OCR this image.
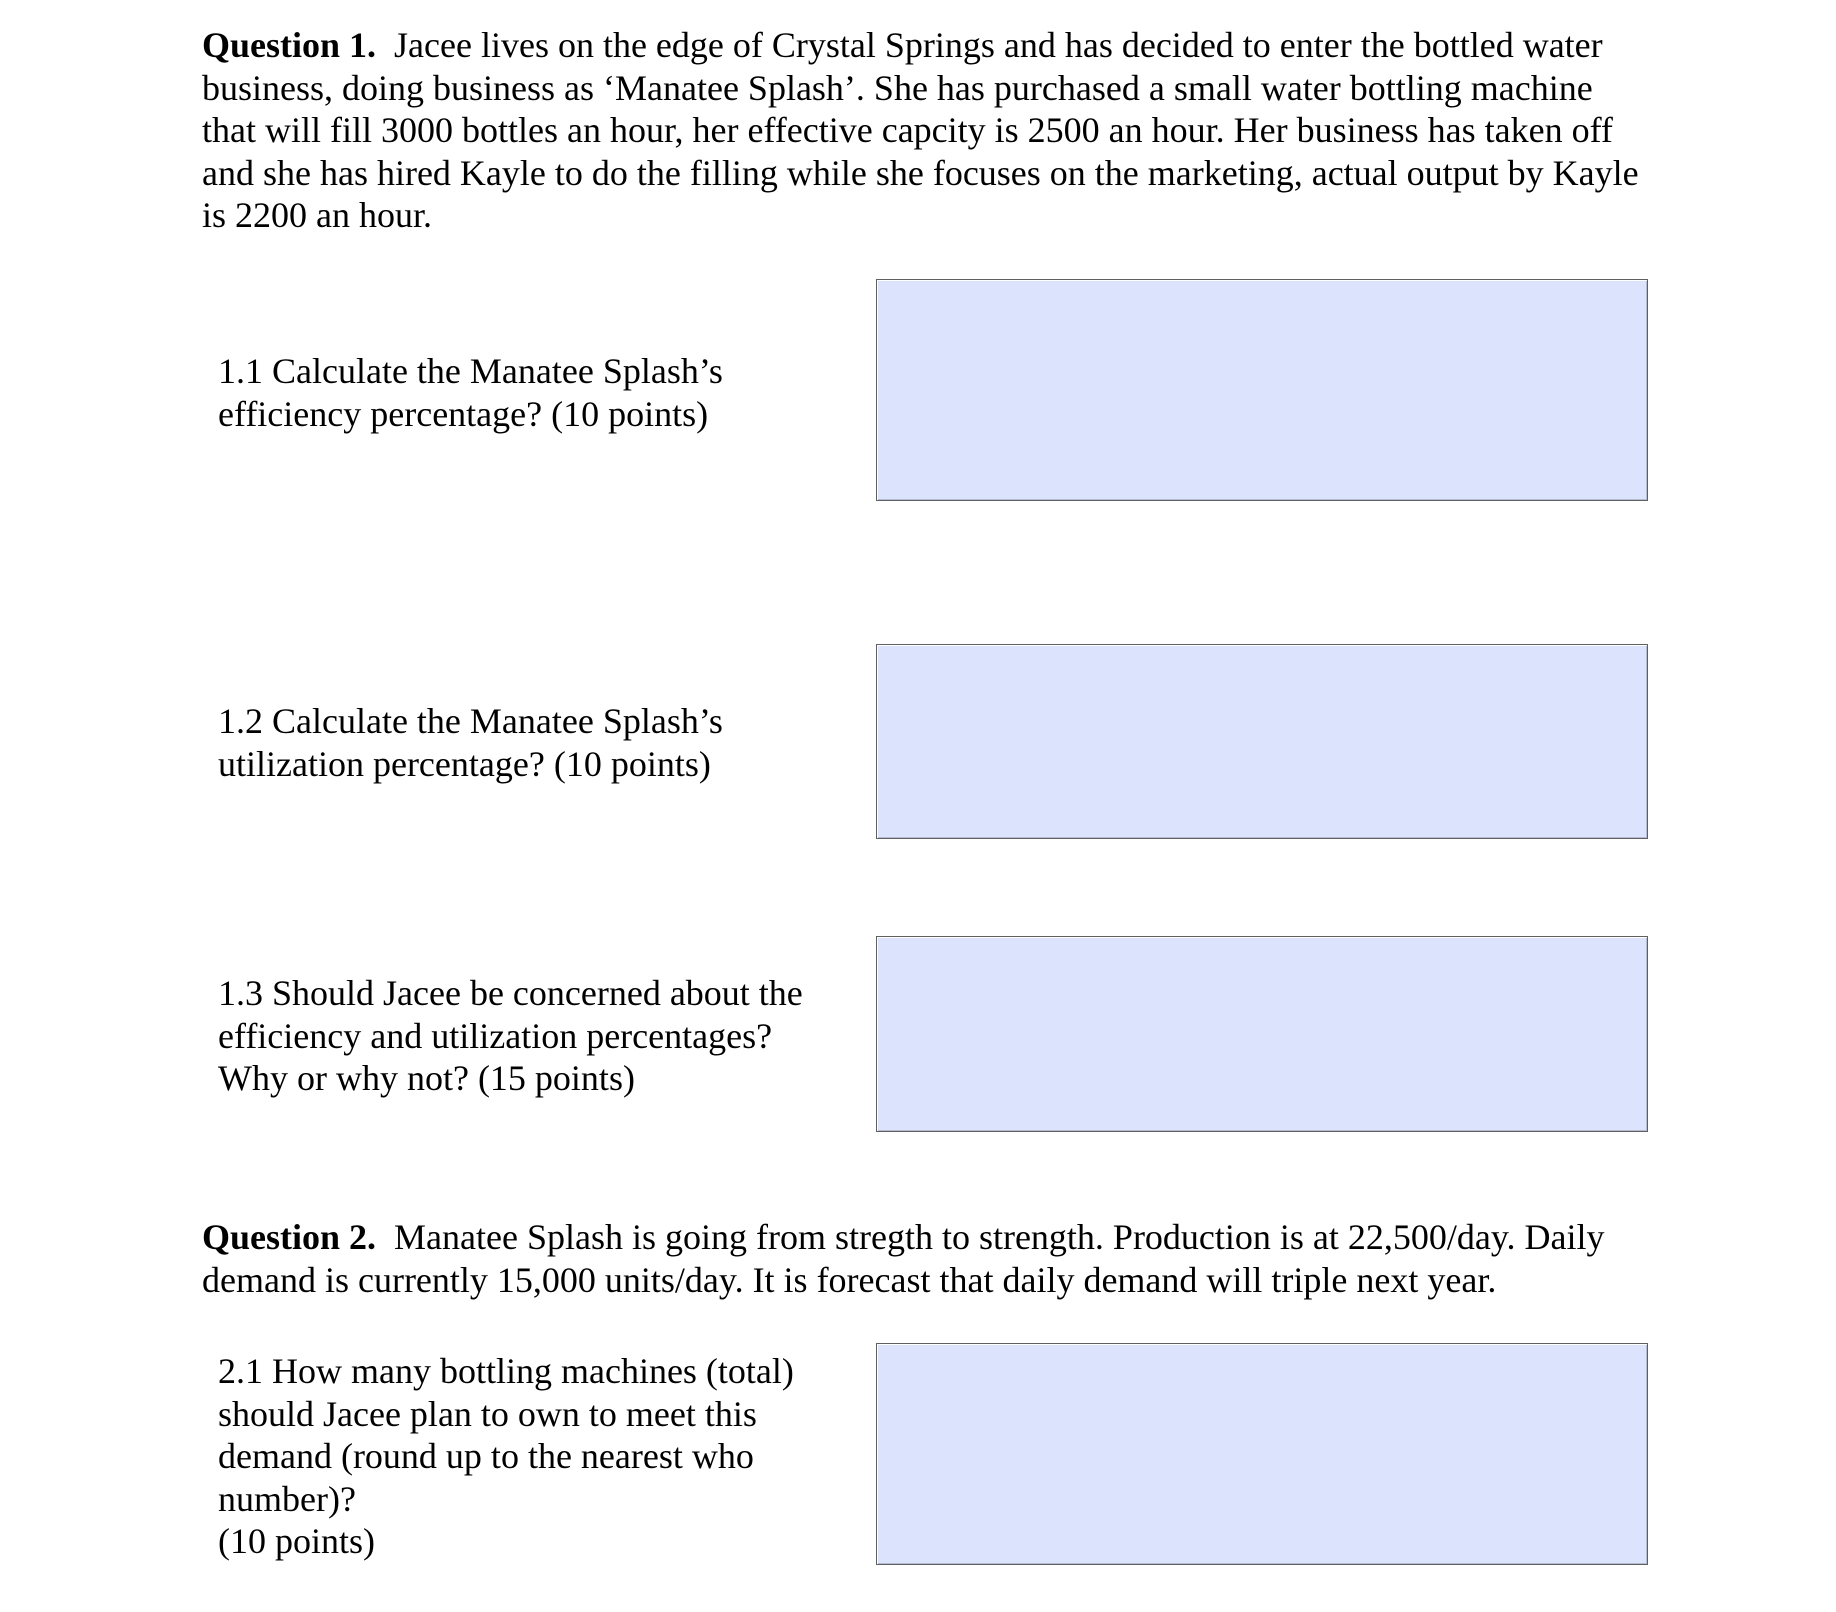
Question 1. Jacee lives on the edge of Crystal Springs and has decided to enter the bottled water business, doing business as ‘Manatee Splash’. She has purchased a small water bottling machine that will fill 3000 bottles an hour, her effective capcity is 2500 an hour. Her business has taken off and she has hired Kayle to do the filling while she focuses on the marketing, actual output by Kayle is 2200 an hour.

1.1 Calculate the Manatee Splash’s
efficiency percentage? (10 points)

1.2 Calculate the Manatee Splash’s
utilization percentage? (10 points)

1.3 Should Jacee be concerned about the
efficiency and utilization percentages?
Why or why not? (15 points)

Question 2. Manatee Splash is going from stregth to strength. Production is at 22,500/day. Daily demand is currently 15,000 units/day. It is forecast that daily demand will triple next year.

2.1 How many bottling machines (total)
should Jacee plan to own to meet this
demand (round up to the nearest who
number)?
(10 points)
